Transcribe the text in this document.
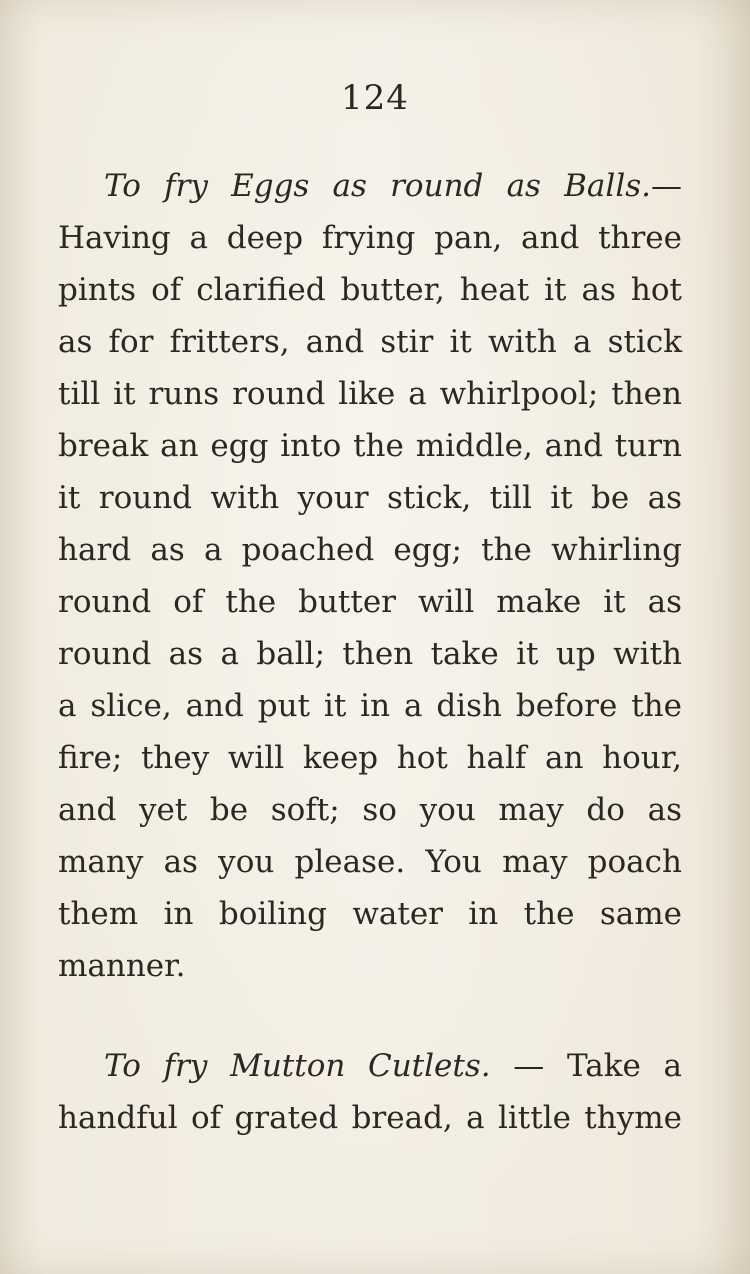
124
To fry Eggs as round as Balls.—
Having a deep frying pan, and three
pints of clarified butter, heat it as hot
as for fritters, and stir it with a stick
till it runs round like a whirlpool; then
break an egg into the middle, and turn
it round with your stick, till it be as
hard as a poached egg; the whirling
round of the butter will make it as
round as a ball; then take it up with
a slice, and put it in a dish before the
fire; they will keep hot half an hour,
and yet be soft; so you may do as
many as you please. You may poach
them in boiling water in the same
manner.
To fry Mutton Cutlets. — Take a
handful of grated bread, a little thyme
